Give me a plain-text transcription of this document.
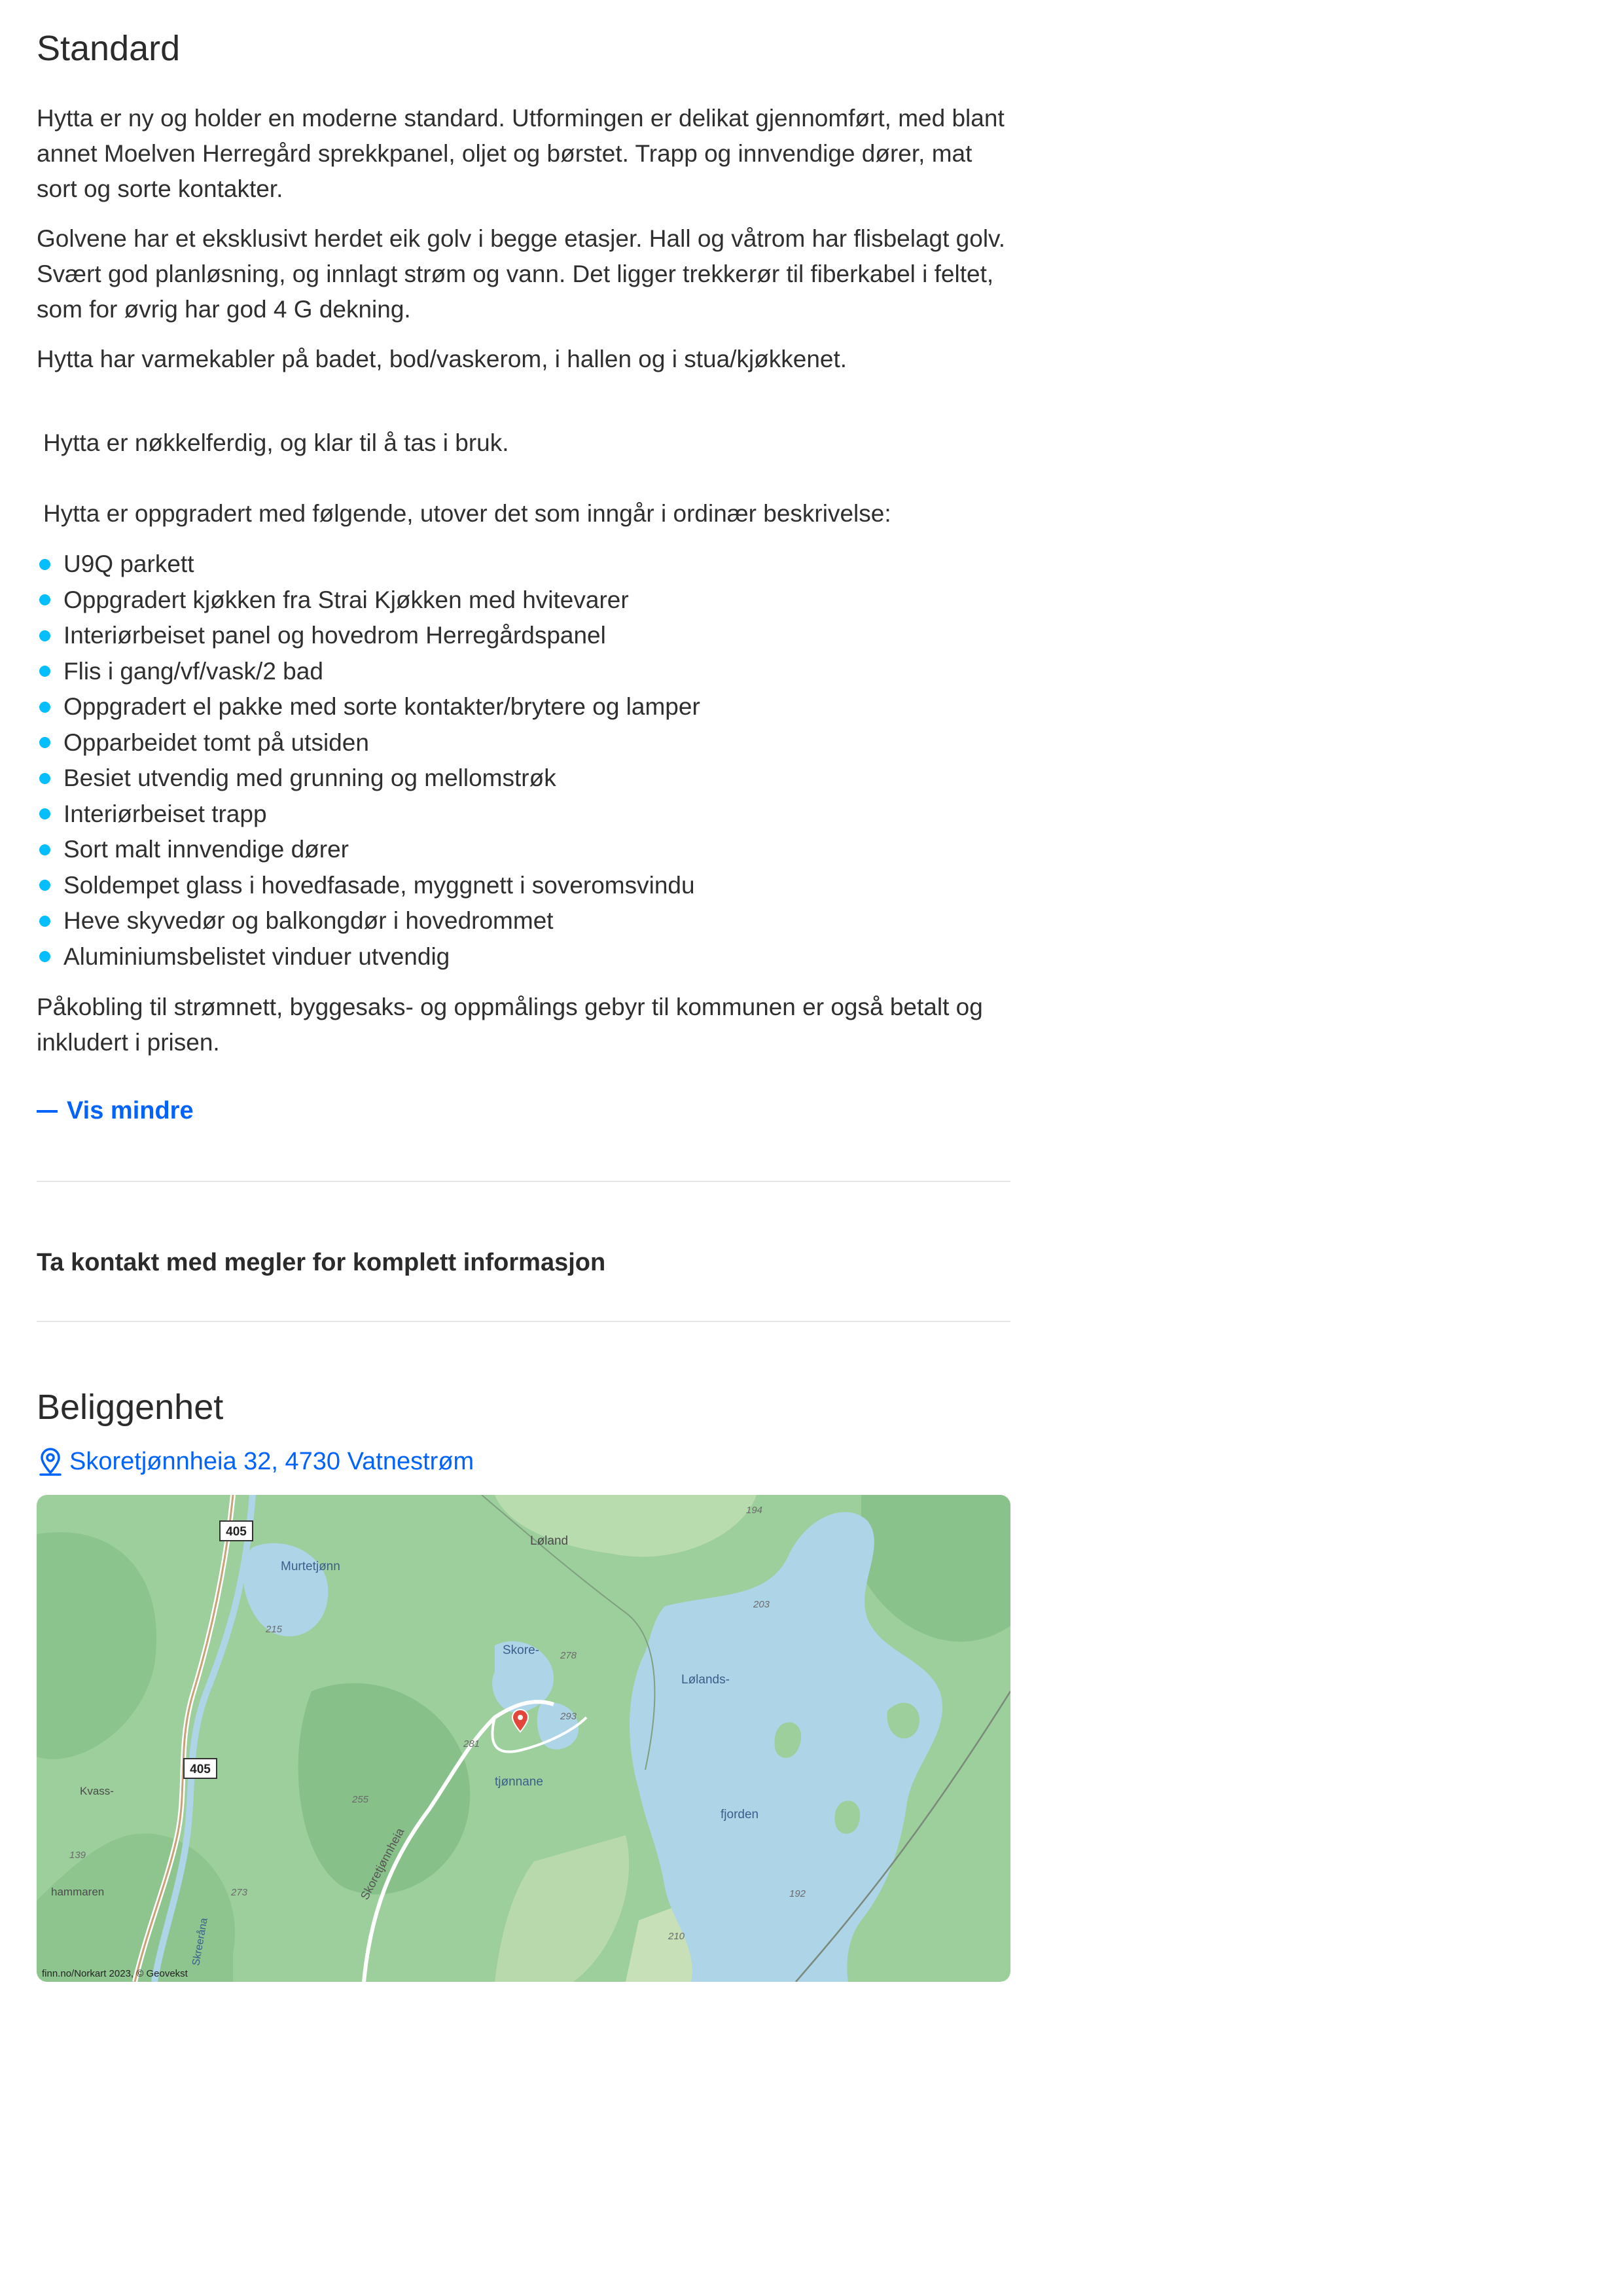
Standard

Hytta er ny og holder en moderne standard. Utformingen er delikat gjennomført, med blant annet Moelven Herregård sprekkpanel, oljet og børstet. Trapp og innvendige dører, mat sort og sorte kontakter.

Golvene har et eksklusivt herdet eik golv i begge etasjer. Hall og våtrom har flisbelagt golv. Svært god planløsning, og innlagt strøm og vann. Det ligger trekkerør til fiberkabel i feltet, som for øvrig har god 4 G dekning.

Hytta har varmekabler på badet, bod/vaskerom, i hallen og i stua/kjøkkenet.

Hytta er nøkkelferdig, og klar til å tas i bruk.

Hytta er oppgradert med følgende, utover det som inngår i ordinær beskrivelse:

U9Q parkett
Oppgradert kjøkken fra Strai Kjøkken med hvitevarer
Interiørbeiset panel og hovedrom Herregårdspanel
Flis i gang/vf/vask/2 bad
Oppgradert el pakke med sorte kontakter/brytere og lamper
Opparbeidet tomt på utsiden
Besiet utvendig med grunning og mellomstrøk
Interiørbeiset trapp
Sort malt innvendige dører
Soldempet glass i hovedfasade, myggnett i soveromsvindu
Heve skyvedør og balkongdør i hovedrommet
Aluminiumsbelistet vinduer utvendig

Påkobling til strømnett, byggesaks- og oppmålings gebyr til kommunen er også betalt og inkludert i prisen.

Vis mindre
Ta kontakt med megler for komplett informasjon
Beliggenhet
Skoretjønnheia 32, 4730 Vatnestrøm
405
405
Murtetjønn
Løland
Skore-
tjønnane
Lølands-
fjorden
Kvass-
hammaren	Skoretjønnheia
Skreeråna
215
278
293
281
255
273
139
194
203
192
210
finn.no/Norkart 2023, © Geovekst
